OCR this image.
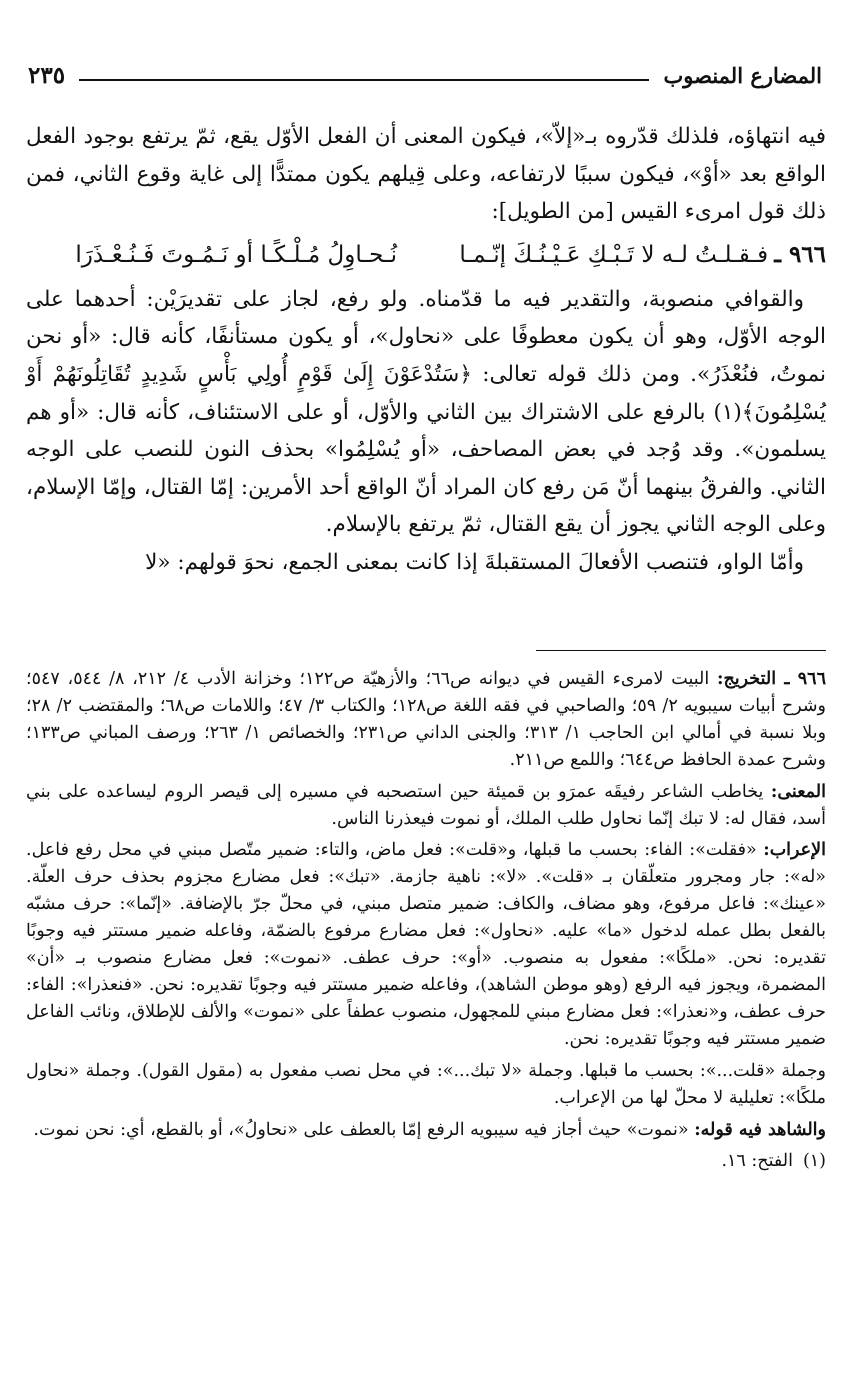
المضارع المنصوب
٢٣٥

فيه انتهاؤه، فلذلك قدّروه بـ«إلاّ»، فيكون المعنى أن الفعل الأوّل يقع، ثمّ يرتفع بوجود الفعل الواقع بعد «أوْ»، فيكون سببًا لارتفاعه، وعلى قِيلهم يكون ممتدًّا إلى غاية وقوع الثاني، فمن ذلك قول امرىء القيس [من الطويل]:

٩٦٦ ـ
فـقـلـتُ لـه لا تَـبْـكِ عَـيْـنُـكَ إنّـمـا
نُـحـاوِلُ مُـلْـكًـا أو نَـمُـوتَ فَـنُـعْـذَرَا

والقوافي منصوبة، والتقدير فيه ما قدّمناه. ولو رفع، لجاز على تقديرَيْن: أحدهما على الوجه الأوّل، وهو أن يكون معطوفًا على «نحاول»، أو يكون مستأنفًا، كأنه قال: «أو نحن نموتُ، فنُعْذَرُ». ومن ذلك قوله تعالى: ﴿سَتُدْعَوْنَ إِلَىٰ قَوْمٍ أُولِي بَأْسٍ شَدِيدٍ تُقَاتِلُونَهُمْ أَوْ يُسْلِمُونَ﴾(١) بالرفع على الاشتراك بين الثاني والأوّل، أو على الاستئناف، كأنه قال: «أو هم يسلمون». وقد وُجد في بعض المصاحف، «أو يُسْلِمُوا» بحذف النون للنصب على الوجه الثاني. والفرقُ بينهما أنّ مَن رفع كان المراد أنّ الواقع أحد الأمرين: إمّا القتال، وإمّا الإسلام، وعلى الوجه الثاني يجوز أن يقع القتال، ثمّ يرتفع بالإسلام.

وأمّا الواو، فتنصب الأفعالَ المستقبلةَ إذا كانت بمعنى الجمع، نحوَ قولهم: «لا

٩٦٦ ـ التخريج: البيت لامرىء القيس في ديوانه ص٦٦؛ والأزهيّة ص١٢٢؛ وخزانة الأدب ٤/ ٢١٢، ٨/ ٥٤٤، ٥٤٧؛ وشرح أبيات سيبويه ٢/ ٥٩؛ والصاحبي في فقه اللغة ص١٢٨؛ والكتاب ٣/ ٤٧؛ واللامات ص٦٨؛ والمقتضب ٢/ ٢٨؛ وبلا نسبة في أمالي ابن الحاجب ١/ ٣١٣؛ والجنى الداني ص٢٣١؛ والخصائص ١/ ٢٦٣؛ ورصف المباني ص١٣٣؛ وشرح عمدة الحافظ ص٦٤٤؛ واللمع ص٢١١.

المعنى: يخاطب الشاعر رفيقَه عمرَو بن قميئة حين استصحبه في مسيره إلى قيصر الروم ليساعده على بني أسد، فقال له: لا تبك إنّما نحاول طلب الملك، أو نموت فيعذرنا الناس.

الإعراب: «فقلت»: الفاء: بحسب ما قبلها، و«قلت»: فعل ماض، والتاء: ضمير متّصل مبني في محل رفع فاعل. «له»: جار ومجرور متعلّقان بـ «قلت». «لا»: ناهية جازمة. «تبك»: فعل مضارع مجزوم بحذف حرف العلّة. «عينك»: فاعل مرفوع، وهو مضاف، والكاف: ضمير متصل مبني، في محلّ جرّ بالإضافة. «إنّما»: حرف مشبّه بالفعل بطل عمله لدخول «ما» عليه. «نحاول»: فعل مضارع مرفوع بالضمّة، وفاعله ضمير مستتر فيه وجوبًا تقديره: نحن. «ملكًا»: مفعول به منصوب. «أو»: حرف عطف. «نموت»: فعل مضارع منصوب بـ «أن» المضمرة، ويجوز فيه الرفع (وهو موطن الشاهد)، وفاعله ضمير مستتر فيه وجوبًا تقديره: نحن. «فنعذرا»: الفاء: حرف عطف، و«نعذرا»: فعل مضارع مبني للمجهول، منصوب عطفاً على «نموت» والألف للإطلاق، ونائب الفاعل ضمير مستتر فيه وجوبًا تقديره: نحن.

وجملة «قلت...»: بحسب ما قبلها. وجملة «لا تبك...»: في محل نصب مفعول به (مقول القول). وجملة «نحاول ملكًا»: تعليلية لا محلّ لها من الإعراب.

والشاهد فيه قوله: «نموت» حيث أجاز فيه سيبويه الرفع إمّا بالعطف على «نحاولُ»، أو بالقطع، أي: نحن نموت.

(١)
الفتح: ١٦.
